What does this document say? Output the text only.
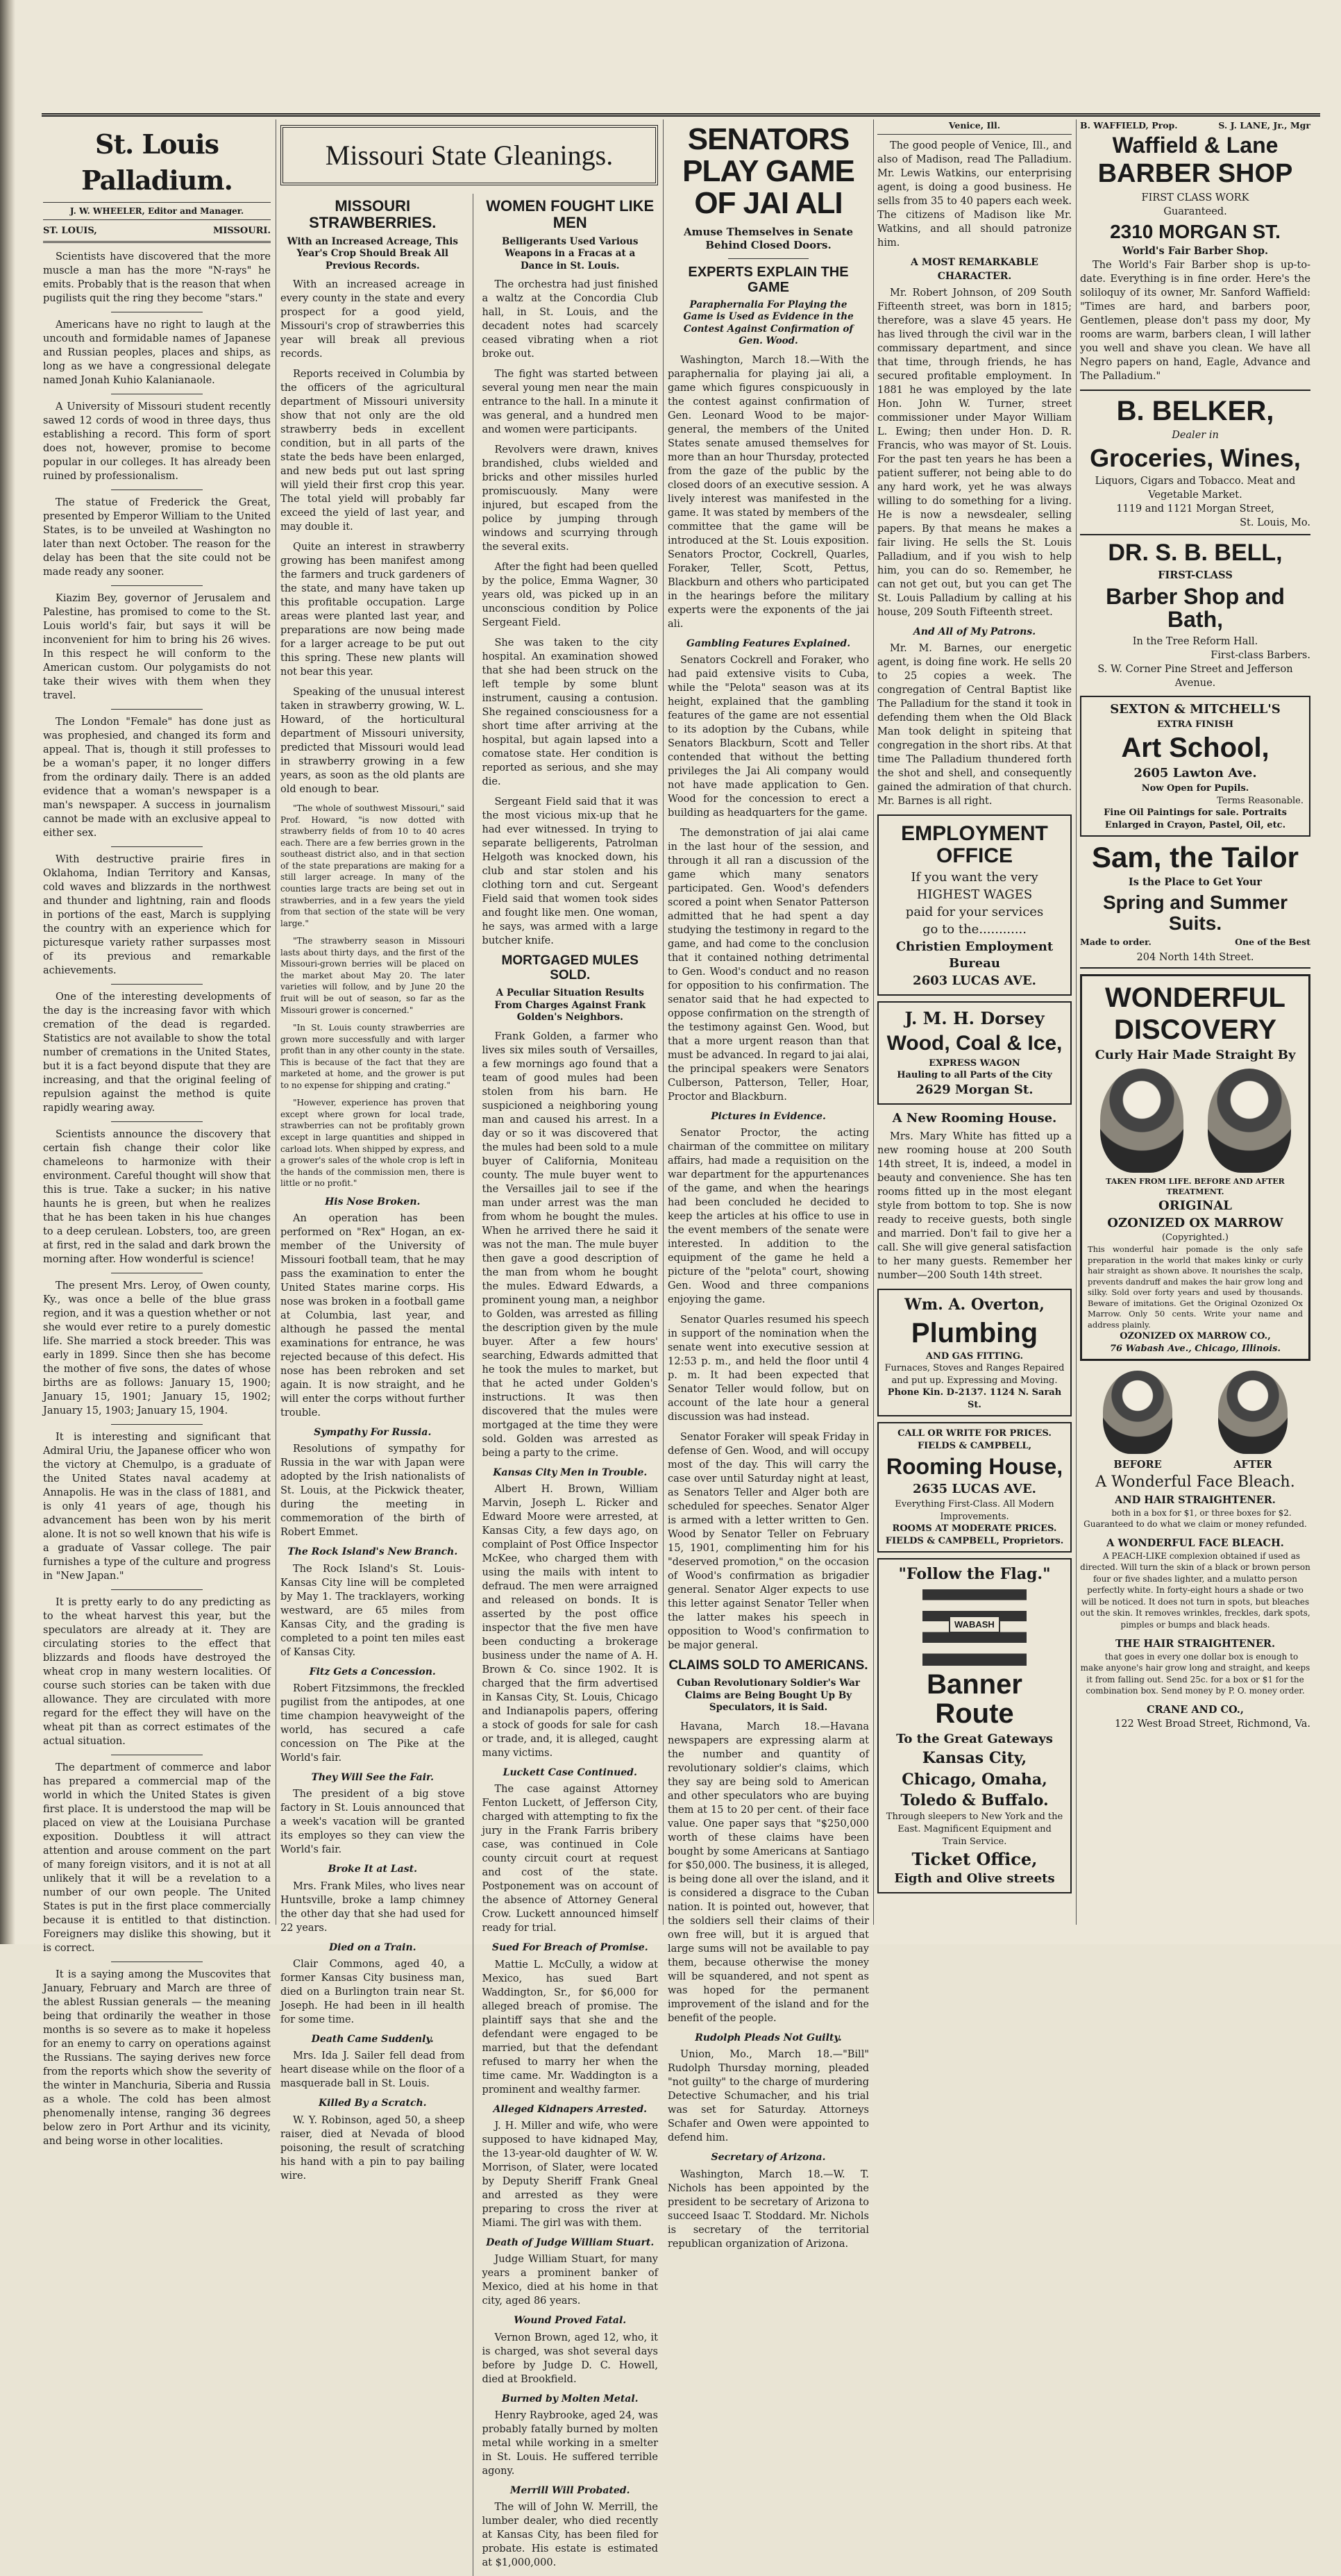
St. Louis Palladium.
J. W. WHEELER, Editor and Manager.
ST. LOUIS,	MISSOURI.

Scientists have discovered that the more muscle a man has the more "N-rays" he emits. Probably that is the reason that when pugilists quit the ring they become "stars."

Americans have no right to laugh at the uncouth and formidable names of Japanese and Russian peoples, places and ships, as long as we have a congressional delegate named Jonah Kuhio Kalanianaole.

A University of Missouri student recently sawed 12 cords of wood in three days, thus establishing a record. This form of sport does not, however, promise to become popular in our colleges. It has already been ruined by professionalism.

The statue of Frederick the Great, presented by Emperor William to the United States, is to be unveiled at Washington no later than next October. The reason for the delay has been that the site could not be made ready any sooner.

Kiazim Bey, governor of Jerusalem and Palestine, has promised to come to the St. Louis world's fair, but says it will be inconvenient for him to bring his 26 wives. In this respect he will conform to the American custom. Our polygamists do not take their wives with them when they travel.

The London "Female" has done just as was prophesied, and changed its form and appeal. That is, though it still professes to be a woman's paper, it no longer differs from the ordinary daily. There is an added evidence that a woman's newspaper is a man's newspaper. A success in journalism cannot be made with an exclusive appeal to either sex.

With destructive prairie fires in Oklahoma, Indian Territory and Kansas, cold waves and blizzards in the northwest and thunder and lightning, rain and floods in portions of the east, March is supplying the country with an experience which for picturesque variety rather surpasses most of its previous and remarkable achievements.

One of the interesting developments of the day is the increasing favor with which cremation of the dead is regarded. Statistics are not available to show the total number of cremations in the United States, but it is a fact beyond dispute that they are increasing, and that the original feeling of repulsion against the method is quite rapidly wearing away.

Scientists announce the discovery that certain fish change their color like chameleons to harmonize with their environment. Careful thought will show that this is true. Take a sucker; in his native haunts he is green, but when he realizes that he has been taken in his hue changes to a deep cerulean. Lobsters, too, are green at first, red in the salad and dark brown the morning after. How wonderful is science!

The present Mrs. Leroy, of Owen county, Ky., was once a belle of the blue grass region, and it was a question whether or not she would ever retire to a purely domestic life. She married a stock breeder. This was early in 1899. Since then she has become the mother of five sons, the dates of whose births are as follows: January 15, 1900; January 15, 1901; January 15, 1902; January 15, 1903; January 15, 1904.

It is interesting and significant that Admiral Uriu, the Japanese officer who won the victory at Chemulpo, is a graduate of the United States naval academy at Annapolis. He was in the class of 1881, and is only 41 years of age, though his advancement has been won by his merit alone. It is not so well known that his wife is a graduate of Vassar college. The pair furnishes a type of the culture and progress in "New Japan."

It is pretty early to do any predicting as to the wheat harvest this year, but the speculators are already at it. They are circulating stories to the effect that blizzards and floods have destroyed the wheat crop in many western localities. Of course such stories can be taken with due allowance. They are circulated with more regard for the effect they will have on the wheat pit than as correct estimates of the actual situation.

The department of commerce and labor has prepared a commercial map of the world in which the United States is given first place. It is understood the map will be placed on view at the Louisiana Purchase exposition. Doubtless it will attract attention and arouse comment on the part of many foreign visitors, and it is not at all unlikely that it will be a revelation to a number of our own people. The United States is put in the first place commercially because it is entitled to that distinction. Foreigners may dislike this showing, but it is correct.

It is a saying among the Muscovites that January, February and March are three of the ablest Russian generals — the meaning being that ordinarily the weather in those months is so severe as to make it hopeless for an enemy to carry on operations against the Russians. The saying derives new force from the reports which show the severity of the winter in Manchuria, Siberia and Russia as a whole. The cold has been almost phenomenally intense, ranging 36 degrees below zero in Port Arthur and its vicinity, and being worse in other localities.

Missouri State Gleanings.
MISSOURI STRAWBERRIES.
With an Increased Acreage, This Year's Crop Should Break All Previous Records.

With an increased acreage in every county in the state and every prospect for a good yield, Missouri's crop of strawberries this year will break all previous records.

Reports received in Columbia by the officers of the agricultural department of Missouri university show that not only are the old strawberry beds in excellent condition, but in all parts of the state the beds have been enlarged, and new beds put out last spring will yield their first crop this year. The total yield will probably far exceed the yield of last year, and may double it.

Quite an interest in strawberry growing has been manifest among the farmers and truck gardeners of the state, and many have taken up this profitable occupation. Large areas were planted last year, and preparations are now being made for a larger acreage to be put out this spring. These new plants will not bear this year.

Speaking of the unusual interest taken in strawberry growing, W. L. Howard, of the horticultural department of Missouri university, predicted that Missouri would lead in strawberry growing in a few years, as soon as the old plants are old enough to bear.

"The whole of southwest Missouri," said Prof. Howard, "is now dotted with strawberry fields of from 10 to 40 acres each. There are a few berries grown in the southeast district also, and in that section of the state preparations are making for a still larger acreage. In many of the counties large tracts are being set out in strawberries, and in a few years the yield from that section of the state will be very large."

"The strawberry season in Missouri lasts about thirty days, and the first of the Missouri-grown berries will be placed on the market about May 20. The later varieties will follow, and by June 20 the fruit will be out of season, so far as the Missouri grower is concerned."

"In St. Louis county strawberries are grown more successfully and with larger profit than in any other county in the state. This is because of the fact that they are marketed at home, and the grower is put to no expense for shipping and crating."

"However, experience has proven that except where grown for local trade, strawberries can not be profitably grown except in large quantities and shipped in carload lots. When shipped by express, and a grower's sales of the whole crop is left in the hands of the commission men, there is little or no profit."

His Nose Broken.

An operation has been performed on "Rex" Hogan, an ex-member of the University of Missouri football team, that he may pass the examination to enter the United States marine corps. His nose was broken in a football game at Columbia, last year, and although he passed the mental examinations for entrance, he was rejected because of this defect. His nose has been rebroken and set again. It is now straight, and he will enter the corps without further trouble.

Sympathy For Russia.

Resolutions of sympathy for Russia in the war with Japan were adopted by the Irish nationalists of St. Louis, at the Pickwick theater, during the meeting in commemoration of the birth of Robert Emmet.

The Rock Island's New Branch.

The Rock Island's St. Louis-Kansas City line will be completed by May 1. The tracklayers, working westward, are 65 miles from Kansas City, and the grading is completed to a point ten miles east of Kansas City.

Fitz Gets a Concession.

Robert Fitzsimmons, the freckled pugilist from the antipodes, at one time champion heavyweight of the world, has secured a cafe concession on The Pike at the World's fair.

They Will See the Fair.

The president of a big stove factory in St. Louis announced that a week's vacation will be granted its employes so they can view the World's fair.

Broke It at Last.

Mrs. Frank Miles, who lives near Huntsville, broke a lamp chimney the other day that she had used for 22 years.

Died on a Train.

Clair Commons, aged 40, a former Kansas City business man, died on a Burlington train near St. Joseph. He had been in ill health for some time.

Death Came Suddenly.

Mrs. Ida J. Sailer fell dead from heart disease while on the floor of a masquerade ball in St. Louis.

Killed By a Scratch.

W. Y. Robinson, aged 50, a sheep raiser, died at Nevada of blood poisoning, the result of scratching his hand with a pin to pay bailing wire.

WOMEN FOUGHT LIKE MEN
Belligerants Used Various Weapons in a Fracas at a Dance in St. Louis.

The orchestra had just finished a waltz at the Concordia Club hall, in St. Louis, and the decadent notes had scarcely ceased vibrating when a riot broke out.

The fight was started between several young men near the main entrance to the hall. In a minute it was general, and a hundred men and women were participants.

Revolvers were drawn, knives brandished, clubs wielded and bricks and other missiles hurled promiscuously. Many were injured, but escaped from the police by jumping through windows and scurrying through the several exits.

After the fight had been quelled by the police, Emma Wagner, 30 years old, was picked up in an unconscious condition by Police Sergeant Field.

She was taken to the city hospital. An examination showed that she had been struck on the left temple by some blunt instrument, causing a contusion. She regained consciousness for a short time after arriving at the hospital, but again lapsed into a comatose state. Her condition is reported as serious, and she may die.

Sergeant Field said that it was the most vicious mix-up that he had ever witnessed. In trying to separate belligerents, Patrolman Helgoth was knocked down, his club and star stolen and his clothing torn and cut. Sergeant Field said that women took sides and fought like men. One woman, he says, was armed with a large butcher knife.

MORTGAGED MULES SOLD.
A Peculiar Situation Results From Charges Against Frank Golden's Neighbors.

Frank Golden, a farmer who lives six miles south of Versailles, a few mornings ago found that a team of good mules had been stolen from his barn. He suspicioned a neighboring young man and caused his arrest. In a day or so it was discovered that the mules had been sold to a mule buyer of California, Moniteau county. The mule buyer went to the Versailles jail to see if the man under arrest was the man from whom he bought the mules. When he arrived there he said it was not the man. The mule buyer then gave a good description of the man from whom he bought the mules. Edward Edwards, a prominent young man, a neighbor to Golden, was arrested as filling the description given by the mule buyer. After a few hours' searching, Edwards admitted that he took the mules to market, but that he acted under Golden's instructions. It was then discovered that the mules were mortgaged at the time they were sold. Golden was arrested as being a party to the crime.

Kansas City Men in Trouble.

Albert H. Brown, William Marvin, Joseph L. Ricker and Edward Moore were arrested, at Kansas City, a few days ago, on complaint of Post Office Inspector McKee, who charged them with using the mails with intent to defraud. The men were arraigned and released on bonds. It is asserted by the post office inspector that the five men have been conducting a brokerage business under the name of A. H. Brown & Co. since 1902. It is charged that the firm advertised in Kansas City, St. Louis, Chicago and Indianapolis papers, offering a stock of goods for sale for cash or trade, and, it is alleged, caught many victims.

Luckett Case Continued.

The case against Attorney Fenton Luckett, of Jefferson City, charged with attempting to fix the jury in the Frank Farris bribery case, was continued in Cole county circuit court at request and cost of the state. Postponement was on account of the absence of Attorney General Crow. Luckett announced himself ready for trial.

Sued For Breach of Promise.

Mattie L. McCully, a widow at Mexico, has sued Bart Waddington, Sr., for $6,000 for alleged breach of promise. The plaintiff says that she and the defendant were engaged to be married, but that the defendant refused to marry her when the time came. Mr. Waddington is a prominent and wealthy farmer.

Alleged Kidnapers Arrested.

J. H. Miller and wife, who were supposed to have kidnaped May, the 13-year-old daughter of W. W. Morrison, of Slater, were located by Deputy Sheriff Frank Gneal and arrested as they were preparing to cross the river at Miami. The girl was with them.

Death of Judge William Stuart.

Judge William Stuart, for many years a prominent banker of Mexico, died at his home in that city, aged 86 years.

Wound Proved Fatal.

Vernon Brown, aged 12, who, it is charged, was shot several days before by Judge D. C. Howell, died at Brookfield.

Burned by Molten Metal.

Henry Raybrooke, aged 24, was probably fatally burned by molten metal while working in a smelter in St. Louis. He suffered terrible agony.

Merrill Will Probated.

The will of John W. Merrill, the lumber dealer, who died recently at Kansas City, has been filed for probate. His estate is estimated at $1,000,000.

SENATORS PLAY GAME OF JAI ALI
Amuse Themselves in Senate Behind Closed Doors.
EXPERTS EXPLAIN THE GAME
Paraphernalia For Playing the Game is Used as Evidence in the Contest Against Confirmation of Gen. Wood.

Washington, March 18.—With the paraphernalia for playing jai ali, a game which figures conspicuously in the contest against confirmation of Gen. Leonard Wood to be major-general, the members of the United States senate amused themselves for more than an hour Thursday, protected from the gaze of the public by the closed doors of an executive session. A lively interest was manifested in the game. It was stated by members of the committee that the game will be introduced at the St. Louis exposition. Senators Proctor, Cockrell, Quarles, Foraker, Teller, Scott, Pettus, Blackburn and others who participated in the hearings before the military experts were the exponents of the jai ali.

Gambling Features Explained.

Senators Cockrell and Foraker, who had paid extensive visits to Cuba, while the "Pelota" season was at its height, explained that the gambling features of the game are not essential to its adoption by the Cubans, while Senators Blackburn, Scott and Teller contended that without the betting privileges the Jai Ali company would not have made application to Gen. Wood for the concession to erect a building as headquarters for the game.

The demonstration of jai alai came in the last hour of the session, and through it all ran a discussion of the game which many senators participated. Gen. Wood's defenders scored a point when Senator Patterson admitted that he had spent a day studying the testimony in regard to the game, and had come to the conclusion that it contained nothing detrimental to Gen. Wood's conduct and no reason for opposition to his confirmation. The senator said that he had expected to oppose confirmation on the strength of the testimony against Gen. Wood, but that a more urgent reason than that must be advanced. In regard to jai alai, the principal speakers were Senators Culberson, Patterson, Teller, Hoar, Proctor and Blackburn.

Pictures in Evidence.

Senator Proctor, the acting chairman of the committee on military affairs, had made a requisition on the war department for the appurtenances of the game, and when the hearings had been concluded he decided to keep the articles at his office to use in the event members of the senate were interested. In addition to the equipment of the game he held a picture of the "pelota" court, showing Gen. Wood and three companions enjoying the game.

Senator Quarles resumed his speech in support of the nomination when the senate went into executive session at 12:53 p. m., and held the floor until 4 p. m. It had been expected that Senator Teller would follow, but on account of the late hour a general discussion was had instead.

Senator Foraker will speak Friday in defense of Gen. Wood, and will occupy most of the day. This will carry the case over until Saturday night at least, as Senators Teller and Alger both are scheduled for speeches. Senator Alger is armed with a letter written to Gen. Wood by Senator Teller on February 15, 1901, complimenting him for his "deserved promotion," on the occasion of Wood's confirmation as brigadier general. Senator Alger expects to use this letter against Senator Teller when the latter makes his speech in opposition to Wood's confirmation to be major general.

CLAIMS SOLD TO AMERICANS.
Cuban Revolutionary Soldier's War Claims are Being Bought Up By Speculators, it is Said.

Havana, March 18.—Havana newspapers are expressing alarm at the number and quantity of revolutionary soldier's claims, which they say are being sold to American and other speculators who are buying them at 15 to 20 per cent. of their face value. One paper says that "$250,000 worth of these claims have been bought by some Americans at Santiago for $50,000. The business, it is alleged, is being done all over the island, and it is considered a disgrace to the Cuban nation. It is pointed out, however, that the soldiers sell their claims of their own free will, but it is argued that large sums will not be available to pay them, because otherwise the money will be squandered, and not spent as was hoped for the permanent improvement of the island and for the benefit of the people.

Rudolph Pleads Not Guilty.

Union, Mo., March 18.—"Bill" Rudolph Thursday morning, pleaded "not guilty" to the charge of murdering Detective Schumacher, and his trial was set for Saturday. Attorneys Schafer and Owen were appointed to defend him.

Secretary of Arizona.

Washington, March 18.—W. T. Nichols has been appointed by the president to be secretary of Arizona to succeed Isaac T. Stoddard. Mr. Nichols is secretary of the territorial republican organization of Arizona.

Venice, Ill.

The good people of Venice, Ill., and also of Madison, read The Palladium. Mr. Lewis Watkins, our enterprising agent, is doing a good business. He sells from 35 to 40 papers each week. The citizens of Madison like Mr. Watkins, and all should patronize him.

A MOST REMARKABLE CHARACTER.

Mr. Robert Johnson, of 209 South Fifteenth street, was born in 1815; therefore, was a slave 45 years. He has lived through the civil war in the commissary department, and since that time, through friends, he has secured profitable employment. In 1881 he was employed by the late Hon. John W. Turner, street commissioner under Mayor William L. Ewing; then under Hon. D. R. Francis, who was mayor of St. Louis. For the past ten years he has been a patient sufferer, not being able to do any hard work, yet he was always willing to do something for a living. He is now a newsdealer, selling papers. By that means he makes a fair living. He sells the St. Louis Palladium, and if you wish to help him, you can do so. Remember, he can not get out, but you can get The St. Louis Palladium by calling at his house, 209 South Fifteenth street.

And All of My Patrons.

Mr. M. Barnes, our energetic agent, is doing fine work. He sells 20 to 25 copies a week. The congregation of Central Baptist like The Palladium for the stand it took in defending them when the Old Black Man took delight in spiteing that congregation in the short ribs. At that time The Palladium thundered forth the shot and shell, and consequently gained the admiration of that church. Mr. Barnes is all right.

EMPLOYMENT OFFICE
If you want the very
HIGHEST WAGES
paid for your services
go to the............
Christien Employment Bureau
2603 LUCAS AVE.
J. M. H. Dorsey
Wood, Coal & Ice,
EXPRESS WAGON
Hauling to all Parts of the City
2629 Morgan St.
A New Rooming House.

Mrs. Mary White has fitted up a new rooming house at 200 South 14th street, It is, indeed, a model in beauty and convenience. She has ten rooms fitted up in the most elegant style from bottom to top. She is now ready to receive guests, both single and married. Don't fail to give her a call. She will give general satisfaction to her many guests. Remember her number—200 South 14th street.

Wm. A. Overton,
Plumbing
AND GAS FITTING.
Furnaces, Stoves and Ranges Repaired and put up. Expressing and Moving.
Phone Kin. D-2137. 1124 N. Sarah St.
CALL OR WRITE FOR PRICES.
FIELDS & CAMPBELL,
Rooming House,
2635 LUCAS AVE.
Everything First-Class. All Modern Improvements.
ROOMS AT MODERATE PRICES.
FIELDS & CAMPBELL, Proprietors.
"Follow the Flag."
WABASH
Banner Route
To the Great Gateways
Kansas City, Chicago, Omaha, Toledo & Buffalo.
Through sleepers to New York and the East. Magnificent Equipment and Train Service.
Ticket Office,
Eigth and Olive streets
B. WAFFIELD, Prop.	S. J. LANE, Jr., Mgr
Waffield & Lane
BARBER SHOP
FIRST CLASS WORK
Guaranteed.
2310 MORGAN ST.
World's Fair Barber Shop.

The World's Fair Barber shop is up-to-date. Everything is in fine order. Here's the soliloquy of its owner, Mr. Sanford Waffield: "Times are hard, and barbers poor, Gentlemen, please don't pass my door, My rooms are warm, barbers clean, I will lather you well and shave you clean. We have all Negro papers on hand, Eagle, Advance and The Palladium."

B. BELKER,
Dealer in
Groceries, Wines,
Liquors, Cigars and Tobacco. Meat and Vegetable Market.
1119 and 1121 Morgan Street,
St. Louis, Mo.
DR. S. B. BELL,
FIRST-CLASS
Barber Shop and Bath,
In the Tree Reform Hall.
First-class Barbers.
S. W. Corner Pine Street and Jefferson Avenue.
SEXTON & MITCHELL'S
EXTRA FINISH
Art School,
2605 Lawton Ave.
Now Open for Pupils.
Terms Reasonable.
Fine Oil Paintings for sale. Portraits Enlarged in Crayon, Pastel, Oil, etc.
Sam, the Tailor
Is the Place to Get Your
Spring and Summer Suits.
Made to order.	One of the Best
204 North 14th Street.
WONDERFUL
DISCOVERY
Curly Hair Made Straight By
TAKEN FROM LIFE. BEFORE AND AFTER TREATMENT.
ORIGINAL
OZONIZED OX MARROW
(Copyrighted.)
This wonderful hair pomade is the only safe preparation in the world that makes kinky or curly hair straight as shown above. It nourishes the scalp, prevents dandruff and makes the hair grow long and silky. Sold over forty years and used by thousands. Beware of imitations. Get the Original Ozonized Ox Marrow. Only 50 cents. Write your name and address plainly.
OZONIZED OX MARROW CO.,
76 Wabash Ave., Chicago, Illinois.
BEFORE	AFTER
A Wonderful Face Bleach.
AND HAIR STRAIGHTENER.

both in a box for $1, or three boxes for $2. Guaranteed to do what we claim or money refunded.

A WONDERFUL FACE BLEACH.

A PEACH-LIKE complexion obtained if used as directed. Will turn the skin of a black or brown person four or five shades lighter, and a mulatto person perfectly white. In forty-eight hours a shade or two will be noticed. It does not turn in spots, but bleaches out the skin. It removes wrinkles, freckles, dark spots, pimples or bumps and black heads.

THE HAIR STRAIGHTENER.

that goes in every one dollar box is enough to make anyone's hair grow long and straight, and keeps it from falling out. Send 25c. for a box or $1 for the combination box. Send money by P. O. money order.

CRANE AND CO.,
122 West Broad Street, Richmond, Va.
